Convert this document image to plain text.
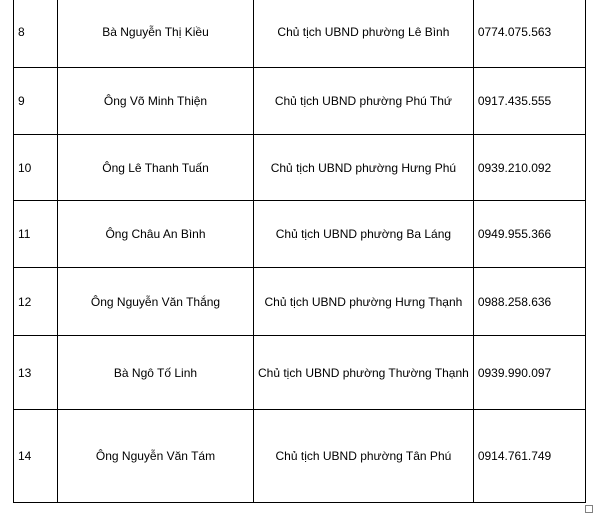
8	Bà Nguyễn Thị Kiều	Chủ tịch UBND phường Lê Bình	0774.075.563
9	Ông Võ Minh Thiện	Chủ tịch UBND phường Phú Thứ	0917.435.555
10	Ông Lê Thanh Tuấn	Chủ tịch UBND phường Hưng Phú	0939.210.092
11	Ông Châu An Bình	Chủ tịch UBND phường Ba Láng	0949.955.366
12	Ông Nguyễn Văn Thắng	Chủ tịch UBND phường Hưng Thạnh	0988.258.636
13	Bà Ngô Tố Linh	Chủ tịch UBND phường Thường Thạnh	0939.990.097
14	Ông Nguyễn Văn Tám	Chủ tịch UBND phường Tân Phú	0914.761.749
